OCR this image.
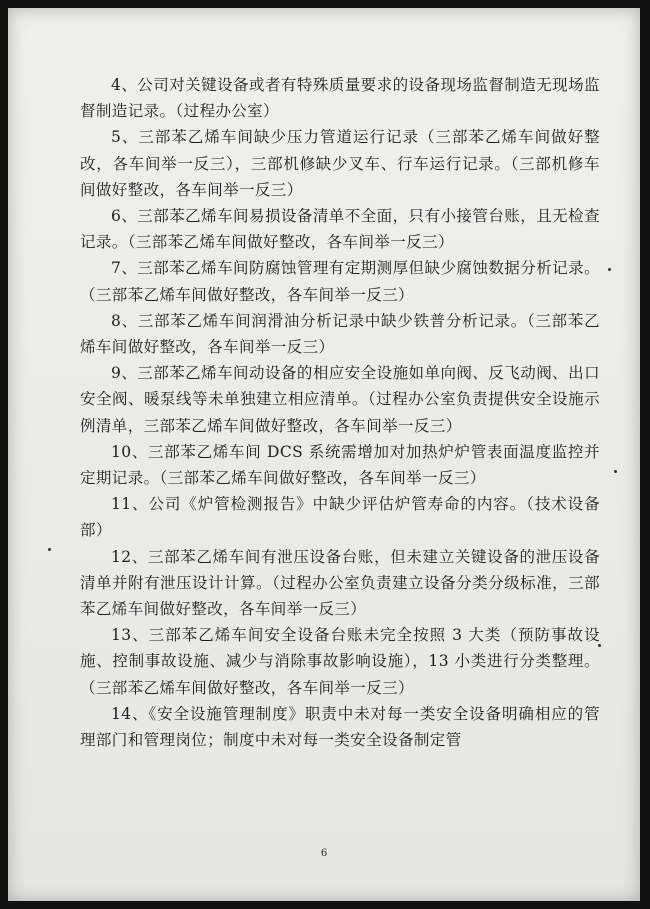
4、公司对关键设备或者有特殊质量要求的设备现场监督制造无现场监督制造记录。（过程办公室）

5、三部苯乙烯车间缺少压力管道运行记录（三部苯乙烯车间做好整改，各车间举一反三），三部机修缺少叉车、行车运行记录。（三部机修车间做好整改，各车间举一反三）

6、三部苯乙烯车间易损设备清单不全面，只有小接管台账，且无检查记录。（三部苯乙烯车间做好整改，各车间举一反三）

7、三部苯乙烯车间防腐蚀管理有定期测厚但缺少腐蚀数据分析记录。（三部苯乙烯车间做好整改，各车间举一反三）

8、三部苯乙烯车间润滑油分析记录中缺少铁普分析记录。（三部苯乙烯车间做好整改，各车间举一反三）

9、三部苯乙烯车间动设备的相应安全设施如单向阀、反飞动阀、出口安全阀、暖泵线等未单独建立相应清单。（过程办公室负责提供安全设施示例清单，三部苯乙烯车间做好整改，各车间举一反三）

10、三部苯乙烯车间 DCS 系统需增加对加热炉炉管表面温度监控并定期记录。（三部苯乙烯车间做好整改，各车间举一反三）

11、公司《炉管检测报告》中缺少评估炉管寿命的内容。（技术设备部）

12、三部苯乙烯车间有泄压设备台账，但未建立关键设备的泄压设备清单并附有泄压设计计算。（过程办公室负责建立设备分类分级标准，三部苯乙烯车间做好整改，各车间举一反三）

13、三部苯乙烯车间安全设备台账未完全按照 3 大类（预防事故设施、控制事故设施、减少与消除事故影响设施），13 小类进行分类整理。（三部苯乙烯车间做好整改，各车间举一反三）

14、《安全设施管理制度》职责中未对每一类安全设备明确相应的管理部门和管理岗位；制度中未对每一类安全设备制定管

6
